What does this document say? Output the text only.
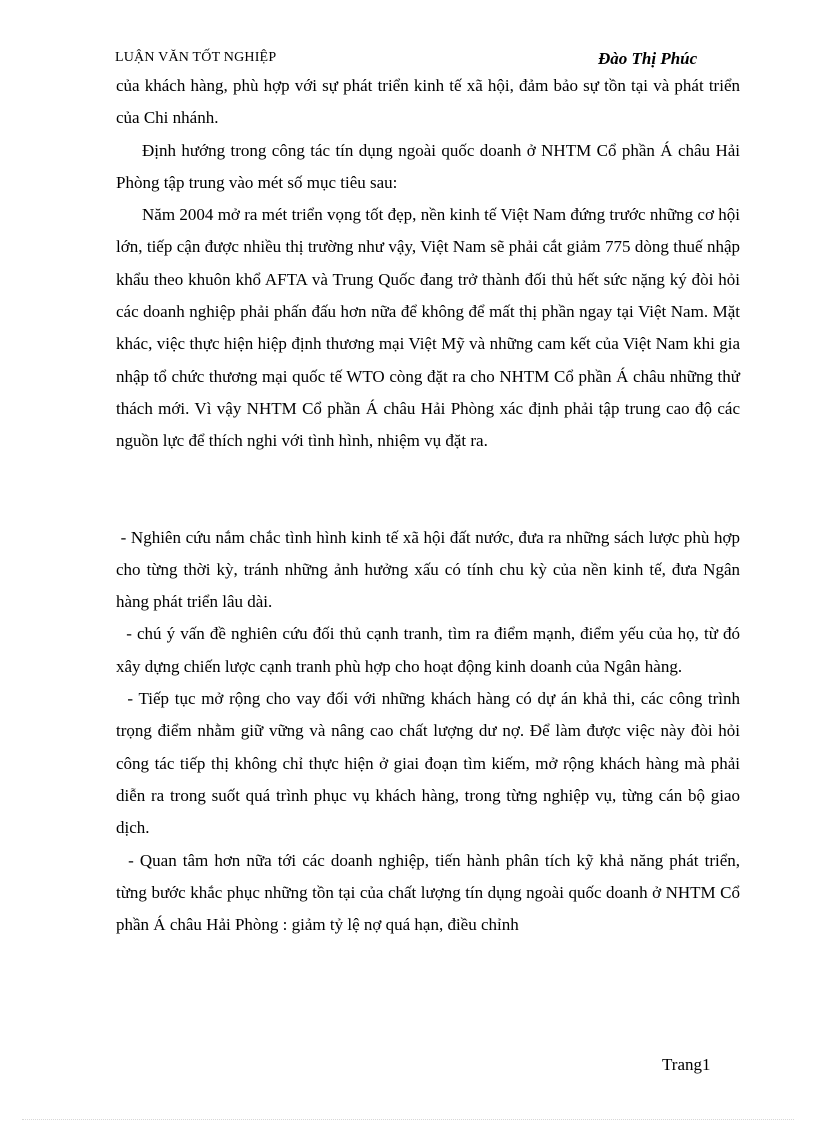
LUẬN VĂN TỐT NGHIỆP	Đào Thị Phúc

của khách hàng, phù hợp với sự phát triển kinh tế xã hội, đảm bảo sự tồn tại và phát triển của Chi nhánh.

Định hướng trong công tác tín dụng ngoài quốc doanh ở NHTM Cổ phần Á châu Hải Phòng tập trung vào mét số mục tiêu sau:

Năm 2004 mở ra mét triển vọng tốt đẹp, nền kinh tế Việt Nam đứng trước những cơ hội lớn, tiếp cận được nhiều thị trường như vậy, Việt Nam sẽ phải cắt giảm 775 dòng thuế nhập khẩu theo khuôn khổ AFTA và Trung Quốc đang trở thành đối thủ hết sức nặng ký đòi hỏi các doanh nghiệp phải phấn đấu hơn nữa để không để mất thị phần ngay tại Việt Nam. Mặt khác, việc thực hiện hiệp định thương mại Việt Mỹ và những cam kết của Việt Nam khi gia nhập tổ chức thương mại quốc tế WTO còng đặt ra cho NHTM Cổ phần Á châu những thử thách mới. Vì vậy NHTM Cổ phần Á châu Hải Phòng xác định phải tập trung cao độ các nguồn lực để thích nghi với tình hình, nhiệm vụ đặt ra.

- Nghiên cứu nắm chắc tình hình kinh tế xã hội đất nước, đưa ra những sách lược phù hợp cho từng thời kỳ, tránh những ảnh hưởng xấu có tính chu kỳ của nền kinh tế, đưa Ngân hàng phát triển lâu dài.

- chú ý vấn đề nghiên cứu đối thủ cạnh tranh, tìm ra điểm mạnh, điểm yếu của họ, từ đó xây dựng chiến lược cạnh tranh phù hợp cho hoạt động kinh doanh của Ngân hàng.

- Tiếp tục mở rộng cho vay đối với những khách hàng có dự án khả thi, các công trình trọng điểm nhằm giữ vững và nâng cao chất lượng dư nợ. Để làm được việc này đòi hỏi công tác tiếp thị không chỉ thực hiện ở giai đoạn tìm kiếm, mở rộng khách hàng mà phải diễn ra trong suốt quá trình phục vụ khách hàng, trong từng nghiệp vụ, từng cán bộ giao dịch.

- Quan tâm hơn nữa tới các doanh nghiệp, tiến hành phân tích kỹ khả năng phát triển, từng bước khắc phục những tồn tại của chất lượng tín dụng ngoài quốc doanh ở NHTM Cổ phần Á châu Hải Phòng : giảm tỷ lệ nợ quá hạn, điều chỉnh

Trang1
